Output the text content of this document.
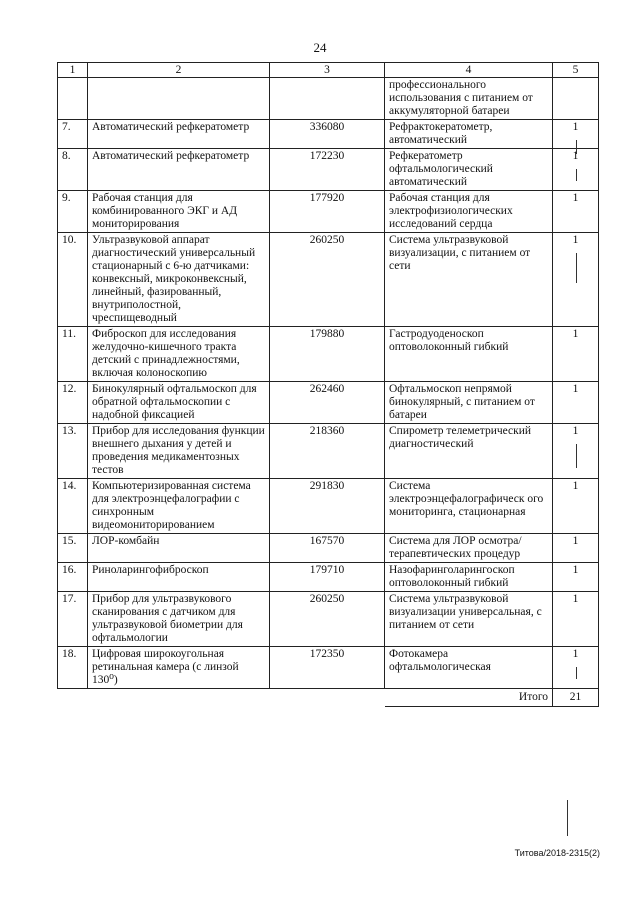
24
1	2	3	4	5
			профессионального использования с питанием от аккумуляторной батареи	
7.	Автоматический рефкератометр	336080	Рефрактокератометр, автоматический	1

8.	Автоматический рефкератометр	172230	Рефкератометр офтальмологический автоматический	1

9.	Рабочая станция для комбинированного ЭКГ и АД мониторирования	177920	Рабочая станция для электрофизиологических исследований сердца	1
10.	Ультразвуковой аппарат диагностический универсальный стационарный с 6-ю датчиками: конвексный, микроконвексный, линейный, фазированный, внутриполостной, чреспищеводный	260250	Система ультразвуковой визуализации, с питанием от сети	1

11.	Фиброскоп для исследования желудочно-кишечного тракта детский с принадлежностями, включая колоноскопию	179880	Гастродуоденоскоп оптоволоконный гибкий	1
12.	Бинокулярный офтальмоскоп для обратной офтальмоскопии с надобной фиксацией	262460	Офтальмоскоп непрямой бинокулярный, с питанием от батареи	1
13.	Прибор для исследования функции внешнего дыхания у детей и проведения медикаментозных тестов	218360	Спирометр телеметрический диагностический	1

14.	Компьютеризированная система для электроэнцефалографии с синхронным видеомониторированием	291830	Система электроэнцефалографическ ого мониторинга, стационарная	1
15.	ЛОР-комбайн	167570	Система для ЛОР осмотра/терапевтических процедур	1
16.	Риноларингофиброскоп	179710	Назофаринголарингоскоп оптоволоконный гибкий	1
17.	Прибор для ультразвукового сканирования с датчиком для ультразвуковой биометрии для офтальмологии	260250	Система ультразвуковой визуализации универсальная, с питанием от сети	1
18.	Цифровая широкоугольная ретинальная камера (с линзой 130⁰)	172350	Фотокамера офтальмологическая	1

			Итого	21
Титова/2018-2315(2)
